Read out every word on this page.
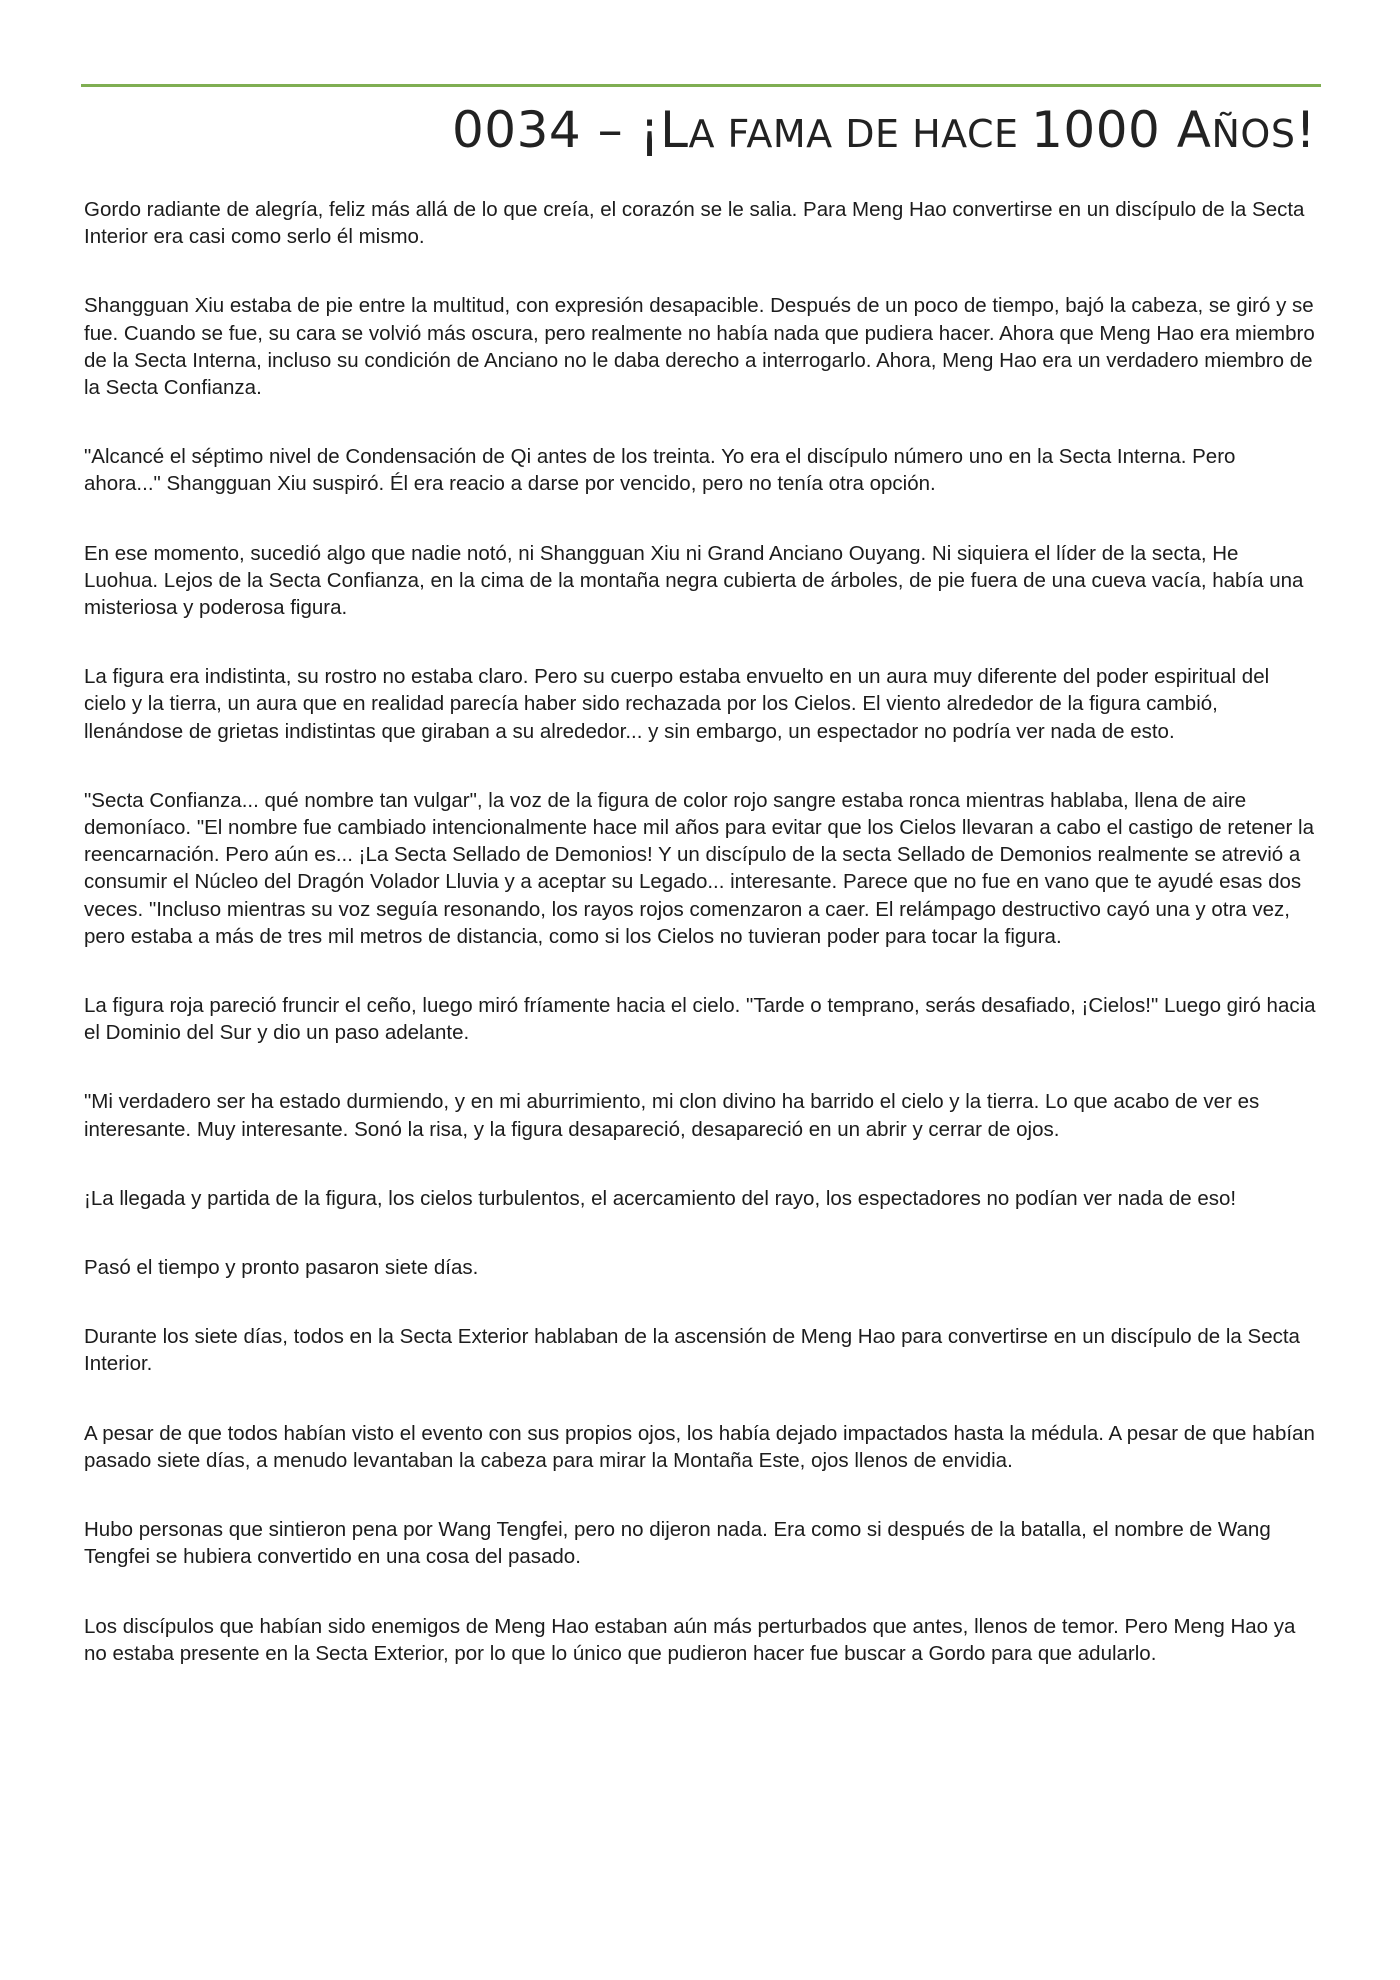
0034 – ¡LA FAMA DE HACE 1000 AÑOS!

Gordo radiante de alegría, feliz más allá de lo que creía, el corazón se le salia. Para Meng Hao convertirse en un discípulo de la Secta Interior era casi como serlo él mismo.

Shangguan Xiu estaba de pie entre la multitud, con expresión desapacible. Después de un poco de tiempo, bajó la cabeza, se giró y se fue. Cuando se fue, su cara se volvió más oscura, pero realmente no había nada que pudiera hacer. Ahora que Meng Hao era miembro de la Secta Interna, incluso su condición de Anciano no le daba derecho a interrogarlo. Ahora, Meng Hao era un verdadero miembro de la Secta Confianza.

"Alcancé el séptimo nivel de Condensación de Qi antes de los treinta. Yo era el discípulo número uno en la Secta Interna. Pero ahora..." Shangguan Xiu suspiró. Él era reacio a darse por vencido, pero no tenía otra opción.

En ese momento, sucedió algo que nadie notó, ni Shangguan Xiu ni Grand Anciano Ouyang. Ni siquiera el líder de la secta, He Luohua. Lejos de la Secta Confianza, en la cima de la montaña negra cubierta de árboles, de pie fuera de una cueva vacía, había una misteriosa y poderosa figura.

La figura era indistinta, su rostro no estaba claro. Pero su cuerpo estaba envuelto en un aura muy diferente del poder espiritual del cielo y la tierra, un aura que en realidad parecía haber sido rechazada por los Cielos. El viento alrededor de la figura cambió, llenándose de grietas indistintas que giraban a su alrededor... y sin embargo, un espectador no podría ver nada de esto.

"Secta Confianza... qué nombre tan vulgar", la voz de la figura de color rojo sangre estaba ronca mientras hablaba, llena de aire demoníaco. "El nombre fue cambiado intencionalmente hace mil años para evitar que los Cielos llevaran a cabo el castigo de retener la reencarnación. Pero aún es... ¡La Secta Sellado de Demonios! Y un discípulo de la secta Sellado de Demonios realmente se atrevió a consumir el Núcleo del Dragón Volador Lluvia y a aceptar su Legado... interesante. Parece que no fue en vano que te ayudé esas dos veces. "Incluso mientras su voz seguía resonando, los rayos rojos comenzaron a caer. El relámpago destructivo cayó una y otra vez, pero estaba a más de tres mil metros de distancia, como si los Cielos no tuvieran poder para tocar la figura.

La figura roja pareció fruncir el ceño, luego miró fríamente hacia el cielo. "Tarde o temprano, serás desafiado, ¡Cielos!" Luego giró hacia el Dominio del Sur y dio un paso adelante.

"Mi verdadero ser ha estado durmiendo, y en mi aburrimiento, mi clon divino ha barrido el cielo y la tierra. Lo que acabo de ver es interesante. Muy interesante. Sonó la risa, y la figura desapareció, desapareció en un abrir y cerrar de ojos.

¡La llegada y partida de la figura, los cielos turbulentos, el acercamiento del rayo, los espectadores no podían ver nada de eso!

Pasó el tiempo y pronto pasaron siete días.

Durante los siete días, todos en la Secta Exterior hablaban de la ascensión de Meng Hao para convertirse en un discípulo de la Secta Interior.

A pesar de que todos habían visto el evento con sus propios ojos, los había dejado impactados hasta la médula. A pesar de que habían pasado siete días, a menudo levantaban la cabeza para mirar la Montaña Este, ojos llenos de envidia.

Hubo personas que sintieron pena por Wang Tengfei, pero no dijeron nada. Era como si después de la batalla, el nombre de Wang Tengfei se hubiera convertido en una cosa del pasado.

Los discípulos que habían sido enemigos de Meng Hao estaban aún más perturbados que antes, llenos de temor. Pero Meng Hao ya no estaba presente en la Secta Exterior, por lo que lo único que pudieron hacer fue buscar a Gordo para que adularlo.
